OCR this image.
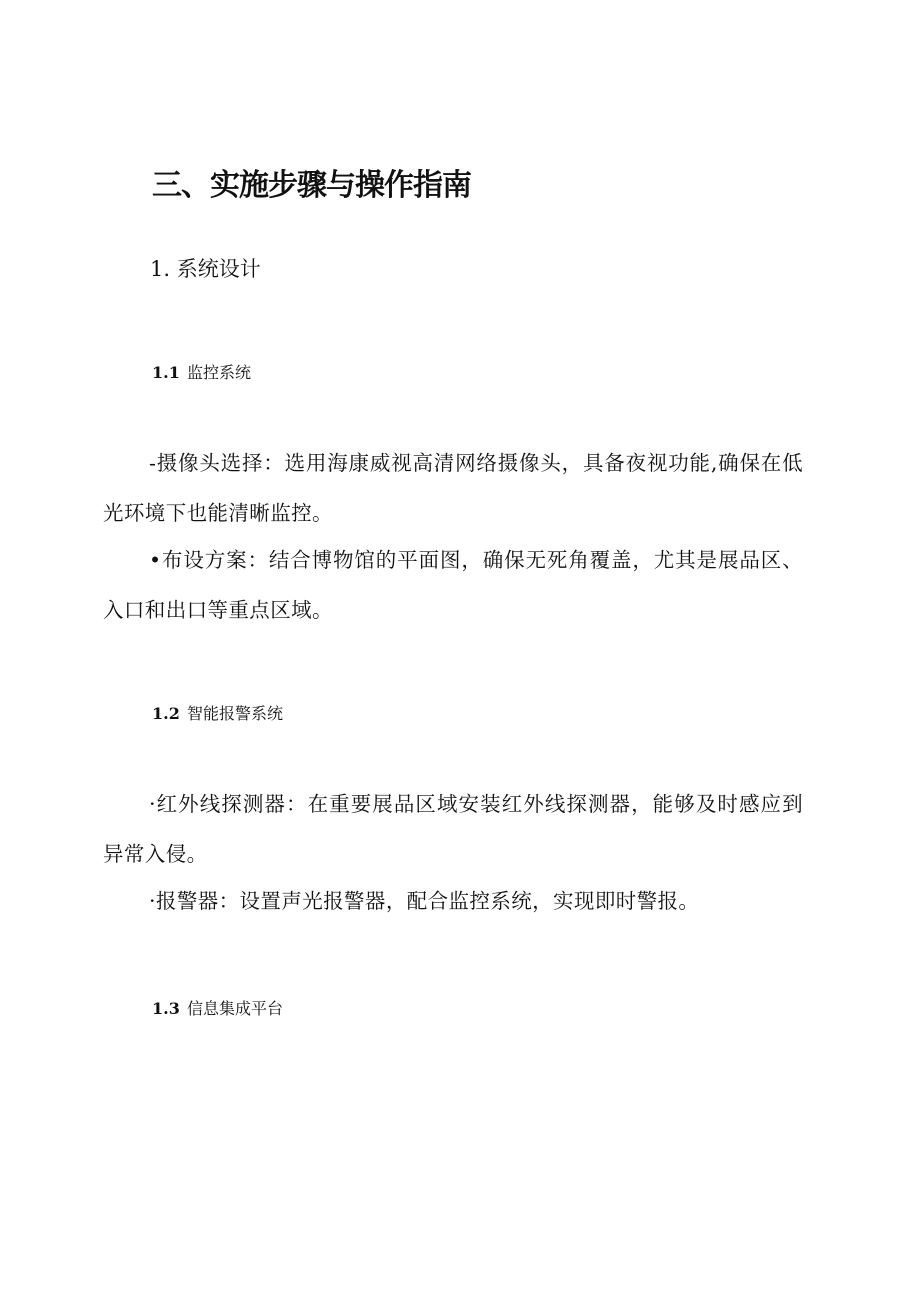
三、实施步骤与操作指南
1. 系统设计
1.1 监控系统
-摄像头选择：选用海康威视高清网络摄像头，具备夜视功能,确保在低光环境下也能清晰监控。
•布设方案：结合博物馆的平面图，确保无死角覆盖，尤其是展品区、入口和出口等重点区域。
1.2 智能报警系统
·红外线探测器：在重要展品区域安装红外线探测器，能够及时感应到异常入侵。
·报警器：设置声光报警器，配合监控系统，实现即时警报。
1.3 信息集成平台
